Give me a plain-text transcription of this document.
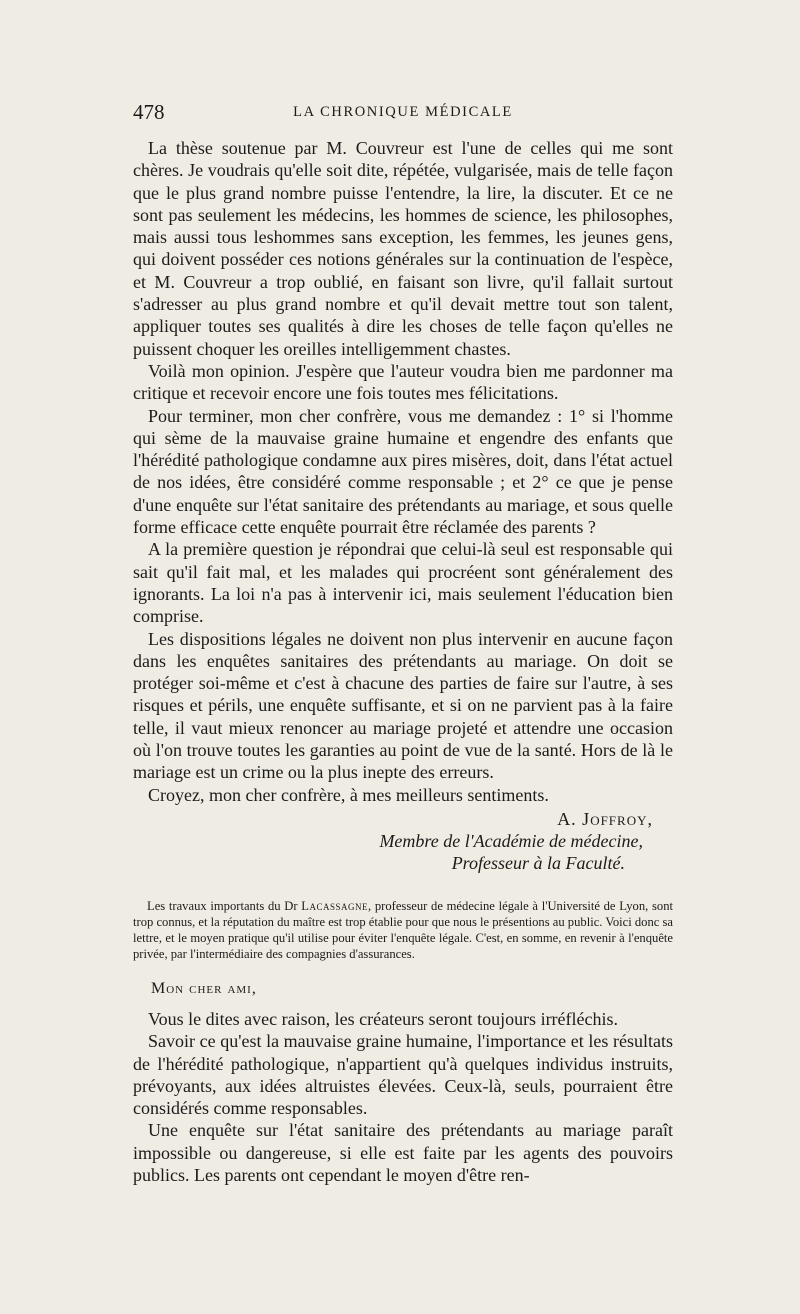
478	LA CHRONIQUE MÉDICALE

La thèse soutenue par M. Couvreur est l'une de celles qui me sont chères. Je voudrais qu'elle soit dite, répétée, vulgarisée, mais de telle façon que le plus grand nombre puisse l'entendre, la lire, la discuter. Et ce ne sont pas seulement les médecins, les hommes de science, les philosophes, mais aussi tous leshommes sans exception, les femmes, les jeunes gens, qui doivent posséder ces notions générales sur la continuation de l'espèce, et M. Couvreur a trop oublié, en faisant son livre, qu'il fallait surtout s'adresser au plus grand nombre et qu'il devait mettre tout son talent, appliquer toutes ses qualités à dire les choses de telle façon qu'elles ne puissent choquer les oreilles intelligemment chastes.

Voilà mon opinion. J'espère que l'auteur voudra bien me pardonner ma critique et recevoir encore une fois toutes mes félicitations.

Pour terminer, mon cher confrère, vous me demandez : 1° si l'homme qui sème de la mauvaise graine humaine et engendre des enfants que l'hérédité pathologique condamne aux pires misères, doit, dans l'état actuel de nos idées, être considéré comme responsable ; et 2° ce que je pense d'une enquête sur l'état sanitaire des prétendants au mariage, et sous quelle forme efficace cette enquête pourrait être réclamée des parents ?

A la première question je répondrai que celui-là seul est responsable qui sait qu'il fait mal, et les malades qui procréent sont généralement des ignorants. La loi n'a pas à intervenir ici, mais seulement l'éducation bien comprise.

Les dispositions légales ne doivent non plus intervenir en aucune façon dans les enquêtes sanitaires des prétendants au mariage. On doit se protéger soi-même et c'est à chacune des parties de faire sur l'autre, à ses risques et périls, une enquête suffisante, et si on ne parvient pas à la faire telle, il vaut mieux renoncer au mariage projeté et attendre une occasion où l'on trouve toutes les garanties au point de vue de la santé. Hors de là le mariage est un crime ou la plus inepte des erreurs.

Croyez, mon cher confrère, à mes meilleurs sentiments.

A. Joffroy,
Membre de l'Académie de médecine,
Professeur à la Faculté.

Les travaux importants du Dr Lacassagne, professeur de médecine légale à l'Université de Lyon, sont trop connus, et la réputation du maître est trop établie pour que nous le présentions au public. Voici donc sa lettre, et le moyen pratique qu'il utilise pour éviter l'enquête légale. C'est, en somme, en revenir à l'enquête privée, par l'intermédiaire des compagnies d'assurances.

Mon cher ami,

Vous le dites avec raison, les créateurs seront toujours irréfléchis.

Savoir ce qu'est la mauvaise graine humaine, l'importance et les résultats de l'hérédité pathologique, n'appartient qu'à quelques individus instruits, prévoyants, aux idées altruistes élevées. Ceux-là, seuls, pourraient être considérés comme responsables.

Une enquête sur l'état sanitaire des prétendants au mariage paraît impossible ou dangereuse, si elle est faite par les agents des pouvoirs publics. Les parents ont cependant le moyen d'être ren-
